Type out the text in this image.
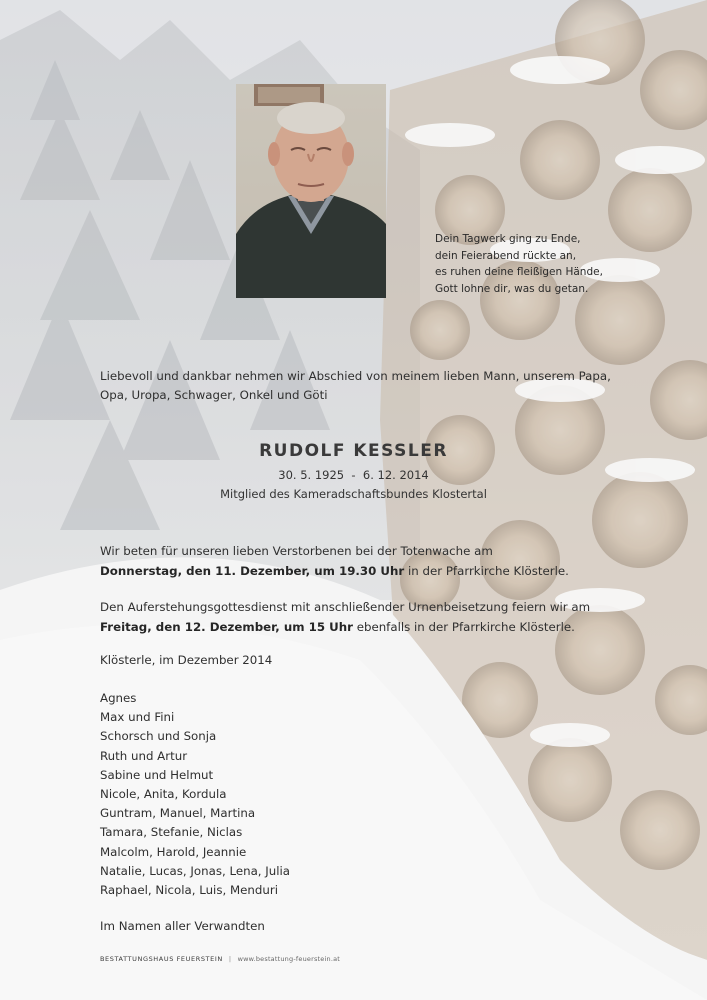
Dein Tagwerk ging zu Ende,
dein Feierabend rückte an,
es ruhen deine fleißigen Hände,
Gott lohne dir, was du getan.
Liebevoll und dankbar nehmen wir Abschied von meinem lieben Mann, unserem Papa, Opa, Uropa, Schwager, Onkel und Göti
RUDOLF KESSLER
30. 5. 1925  -  6. 12. 2014
Mitglied des Kameradschaftsbundes Klostertal
Wir beten für unseren lieben Verstorbenen bei der Totenwache am
Donnerstag, den 11. Dezember, um 19.30 Uhr in der Pfarrkirche Klösterle.
Den Auferstehungsgottesdienst mit anschließender Urnenbeisetzung feiern wir am
Freitag, den 12. Dezember, um 15 Uhr ebenfalls in der Pfarrkirche Klösterle.
Klösterle, im Dezember 2014
Agnes
Max und Fini
Schorsch und Sonja
Ruth und Artur
Sabine und Helmut
Nicole, Anita, Kordula
Guntram, Manuel, Martina
Tamara, Stefanie, Niclas
Malcolm, Harold, Jeannie
Natalie, Lucas, Jonas, Lena, Julia
Raphael, Nicola, Luis, Menduri
Im Namen aller Verwandten
BESTATTUNGSHAUS FEUERSTEIN | www.bestattung-feuerstein.at
